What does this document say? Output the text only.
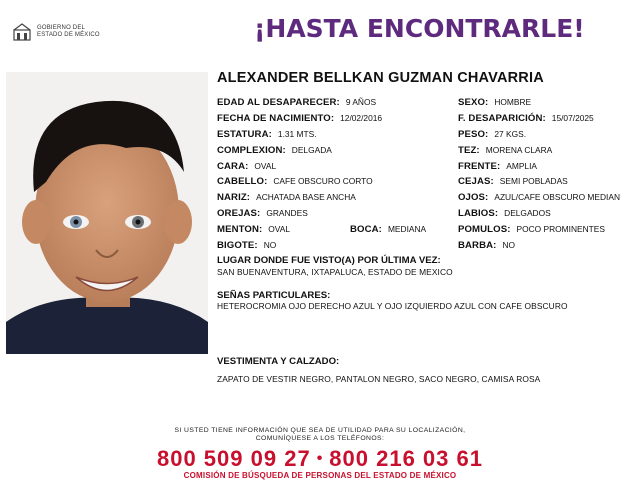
GOBIERNO DEL
ESTADO DE MÉXICO	¡HASTA ENCONTRARLE!
ALEXANDER BELLKAN GUZMAN CHAVARRIA
EDAD AL DESAPARECER: 9 AÑOS
FECHA DE NACIMIENTO: 12/02/2016
ESTATURA: 1.31 MTS.
COMPLEXION: DELGADA
CARA: OVAL
CABELLO: CAFE OBSCURO CORTO
NARIZ: ACHATADA BASE ANCHA
OREJAS: GRANDES
MENTON: OVAL	BOCA: MEDIANA
BIGOTE: NO
SEXO: HOMBRE
F. DESAPARICIÓN: 15/07/2025
PESO: 27 KGS.
TEZ: MORENA CLARA
FRENTE: AMPLIA
CEJAS: SEMI POBLADAS
OJOS: AZUL/CAFE OBSCURO MEDIAN
LABIOS: DELGADOS
POMULOS: POCO PROMINENTES
BARBA: NO
LUGAR DONDE FUE VISTO(A) POR ÚLTIMA VEZ:
SAN BUENAVENTURA, IXTAPALUCA, ESTADO DE MEXICO
SEÑAS PARTICULARES:
HETEROCROMIA OJO DERECHO AZUL Y OJO IZQUIERDO AZUL CON CAFE OBSCURO
VESTIMENTA Y CALZADO:
ZAPATO DE VESTIR NEGRO, PANTALON NEGRO, SACO NEGRO, CAMISA ROSA
SI USTED TIENE INFORMACIÓN QUE SEA DE UTILIDAD PARA SU LOCALIZACIÓN,
COMUNÍQUESE A LOS TELÉFONOS:
800 509 09 27 • 800 216 03 61
COMISIÓN DE BÚSQUEDA DE PERSONAS DEL ESTADO DE MÉXICO
